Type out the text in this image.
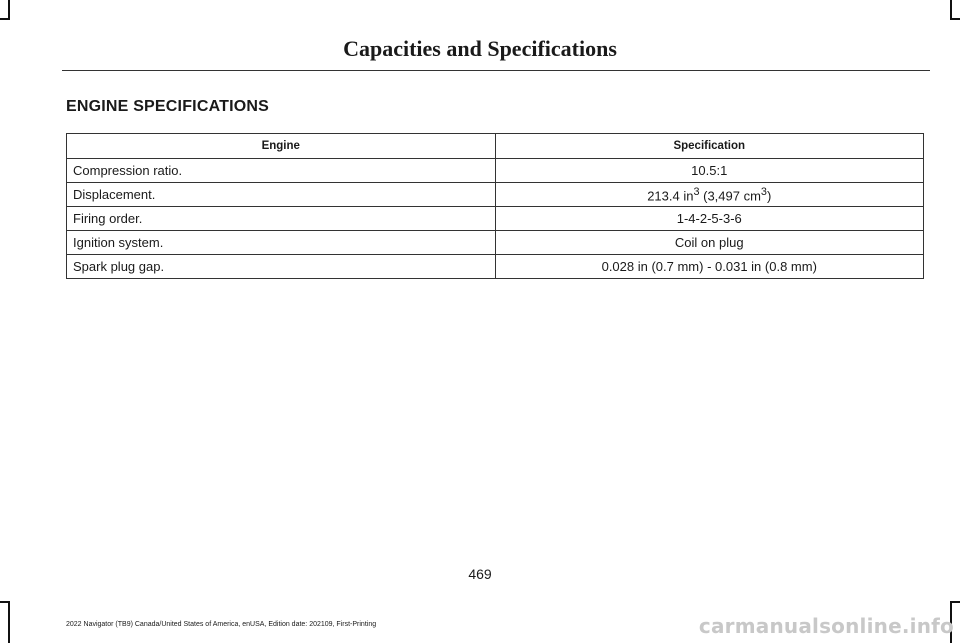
Capacities and Specifications
ENGINE SPECIFICATIONS
Engine	Specification
Compression ratio.	10.5:1
Displacement.	213.4 $in^3$ (3,497 $cm^3$)
Firing order.	1-4-2-5-3-6
Ignition system.	Coil on plug
Spark plug gap.	0.028 in (0.7 mm) - 0.031 in (0.8 mm)
469
2022 Navigator (TB9) Canada/United States of America, enUSA, Edition date: 202109, First-Printing	carmanualsonline.info
